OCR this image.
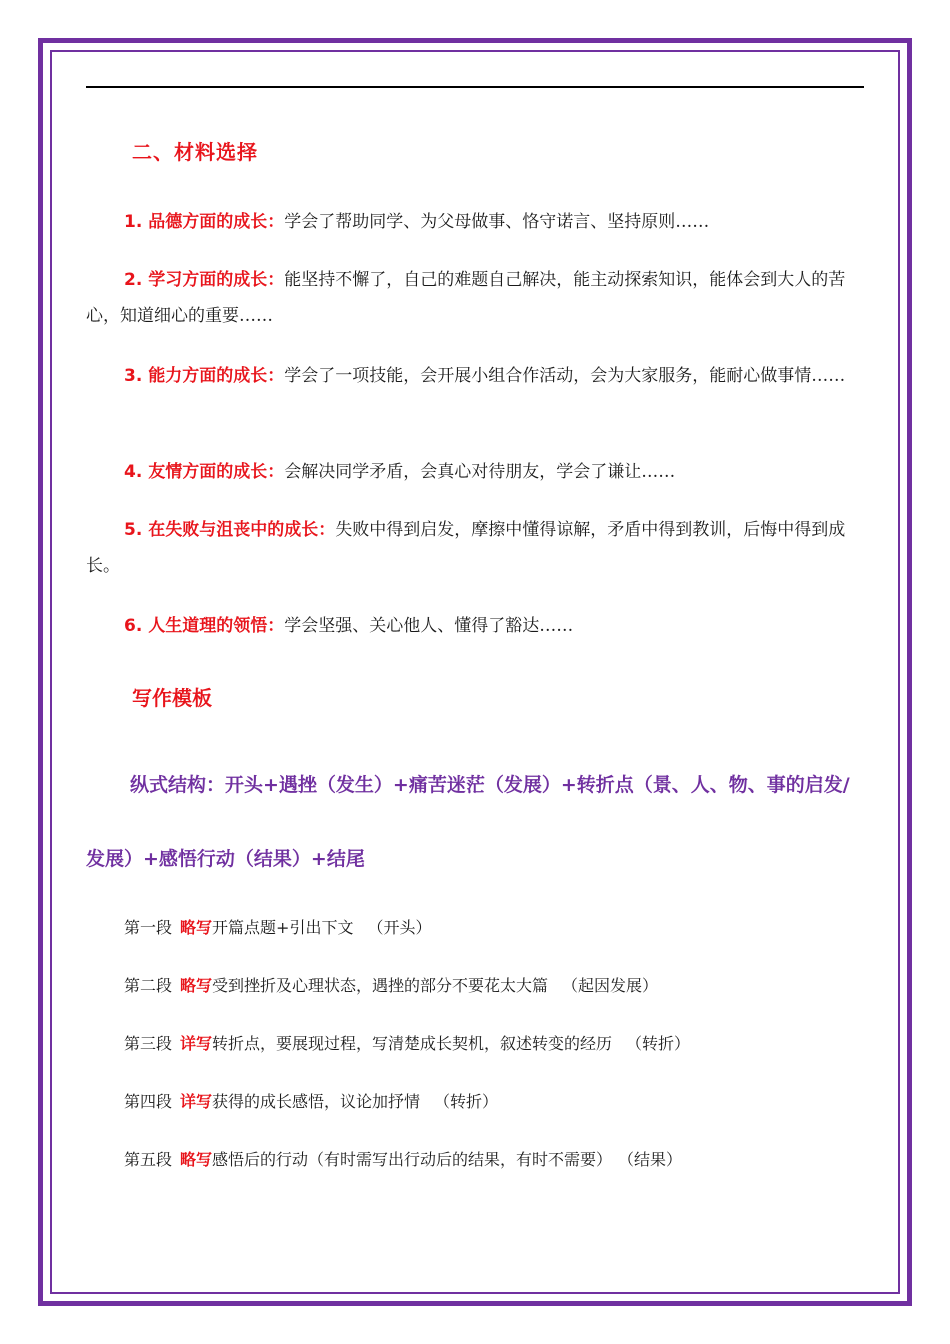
二、材料选择
1. 品德方面的成长：学会了帮助同学、为父母做事、恪守诺言、坚持原则……
2. 学习方面的成长：能坚持不懈了，自己的难题自己解决，能主动探索知识，能体会到大人的苦心，知道细心的重要……
3. 能力方面的成长：学会了一项技能，会开展小组合作活动，会为大家服务，能耐心做事情……
4. 友情方面的成长：会解决同学矛盾，会真心对待朋友，学会了谦让……
5. 在失败与沮丧中的成长：失败中得到启发，摩擦中懂得谅解，矛盾中得到教训，后悔中得到成长。
6. 人生道理的领悟：学会坚强、关心他人、懂得了豁达……
写作模板
纵式结构：开头+遇挫（发生）+痛苦迷茫（发展）+转折点（景、人、物、事的启发/发展）+感悟行动（结果）+结尾
第一段 略写开篇点题+引出下文 （开头）
第二段 略写受到挫折及心理状态，遇挫的部分不要花太大篇 （起因发展）
第三段 详写转折点，要展现过程，写清楚成长契机，叙述转变的经历 （转折）
第四段 详写获得的成长感悟，议论加抒情 （转折）
第五段 略写感悟后的行动（有时需写出行动后的结果，有时不需要） （结果）
